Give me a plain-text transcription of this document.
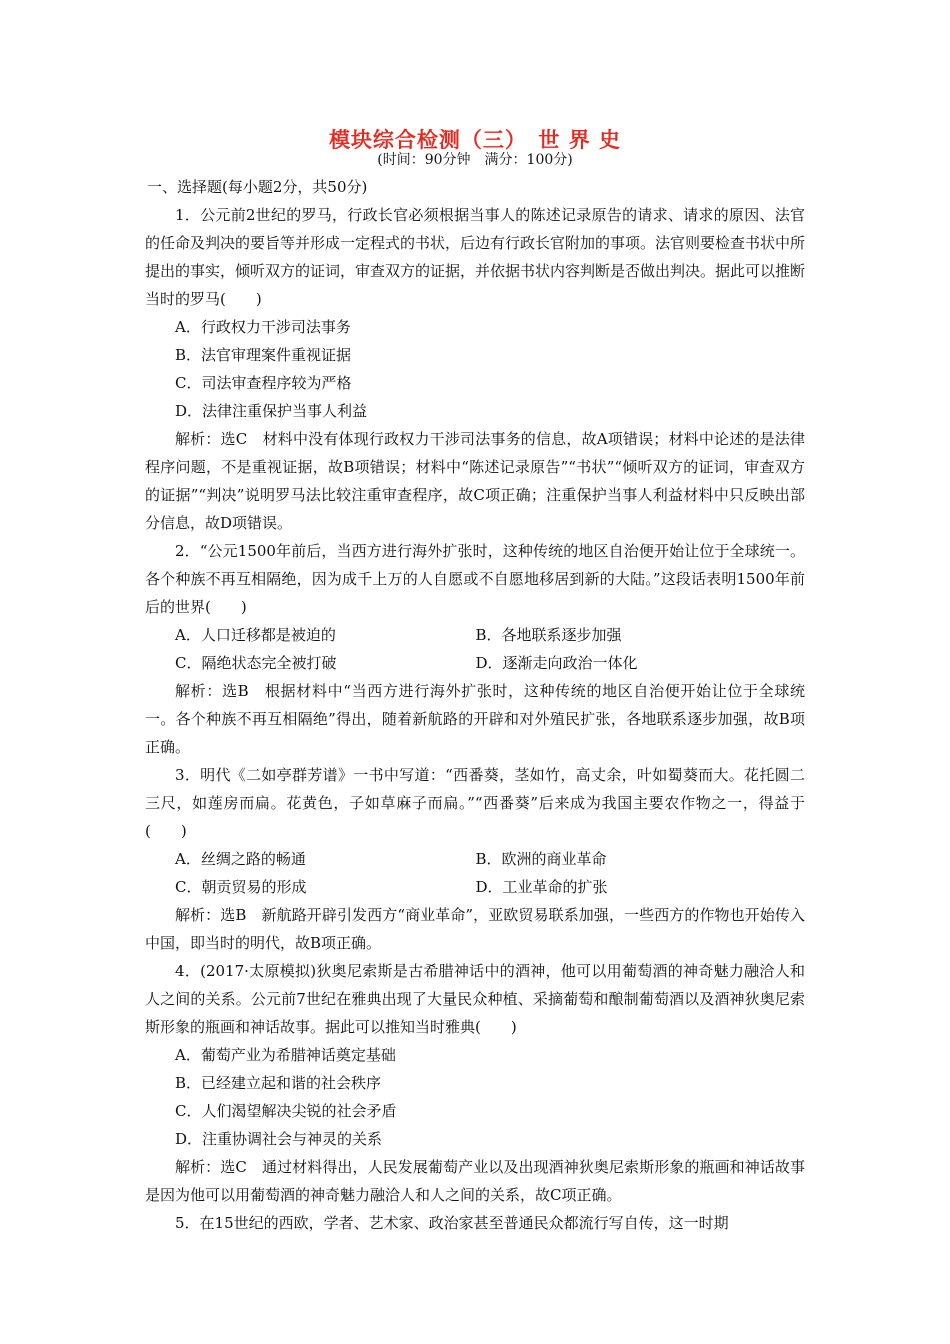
模块综合检测（三）　世 界 史
(时间：90分钟　满分：100分)

一、选择题(每小题2分，共50分)

1．公元前2世纪的罗马，行政长官必须根据当事人的陈述记录原告的请求、请求的原因、法官的任命及判决的要旨等并形成一定程式的书状，后边有行政长官附加的事项。法官则要检查书状中所提出的事实，倾听双方的证词，审查双方的证据，并依据书状内容判断是否做出判决。据此可以推断当时的罗马(　　)

A．行政权力干涉司法事务

B．法官审理案件重视证据

C．司法审查程序较为严格

D．法律注重保护当事人利益

解析：选C　材料中没有体现行政权力干涉司法事务的信息，故A项错误；材料中论述的是法律程序问题，不是重视证据，故B项错误；材料中“陈述记录原告”“书状”“倾听双方的证词，审查双方的证据”“判决”说明罗马法比较注重审查程序，故C项正确；注重保护当事人利益材料中只反映出部分信息，故D项错误。

2．“公元1500年前后，当西方进行海外扩张时，这种传统的地区自治便开始让位于全球统一。各个种族不再互相隔绝，因为成千上万的人自愿或不自愿地移居到新的大陆。”这段话表明1500年前后的世界(　　)

A．人口迁移都是被迫的	B．各地联系逐步加强
C．隔绝状态完全被打破	D．逐渐走向政治一体化

解析：选B　根据材料中“当西方进行海外扩张时，这种传统的地区自治便开始让位于全球统一。各个种族不再互相隔绝”得出，随着新航路的开辟和对外殖民扩张，各地联系逐步加强，故B项正确。

3．明代《二如亭群芳谱》一书中写道：“西番葵，茎如竹，高丈余，叶如蜀葵而大。花托圆二三尺，如莲房而扁。花黄色，子如草麻子而扁。”“西番葵”后来成为我国主要农作物之一，得益于(　　)

A．丝绸之路的畅通	B．欧洲的商业革命
C．朝贡贸易的形成	D．工业革命的扩张

解析：选B　新航路开辟引发西方“商业革命”，亚欧贸易联系加强，一些西方的作物也开始传入中国，即当时的明代，故B项正确。

4．(2017·太原模拟)狄奥尼索斯是古希腊神话中的酒神，他可以用葡萄酒的神奇魅力融洽人和人之间的关系。公元前7世纪在雅典出现了大量民众种植、采摘葡萄和酿制葡萄酒以及酒神狄奥尼索斯形象的瓶画和神话故事。据此可以推知当时雅典(　　)

A．葡萄产业为希腊神话奠定基础

B．已经建立起和谐的社会秩序

C．人们渴望解决尖锐的社会矛盾

D．注重协调社会与神灵的关系

解析：选C　通过材料得出，人民发展葡萄产业以及出现酒神狄奥尼索斯形象的瓶画和神话故事是因为他可以用葡萄酒的神奇魅力融洽人和人之间的关系，故C项正确。

5．在15世纪的西欧，学者、艺术家、政治家甚至普通民众都流行写自传，这一时期
